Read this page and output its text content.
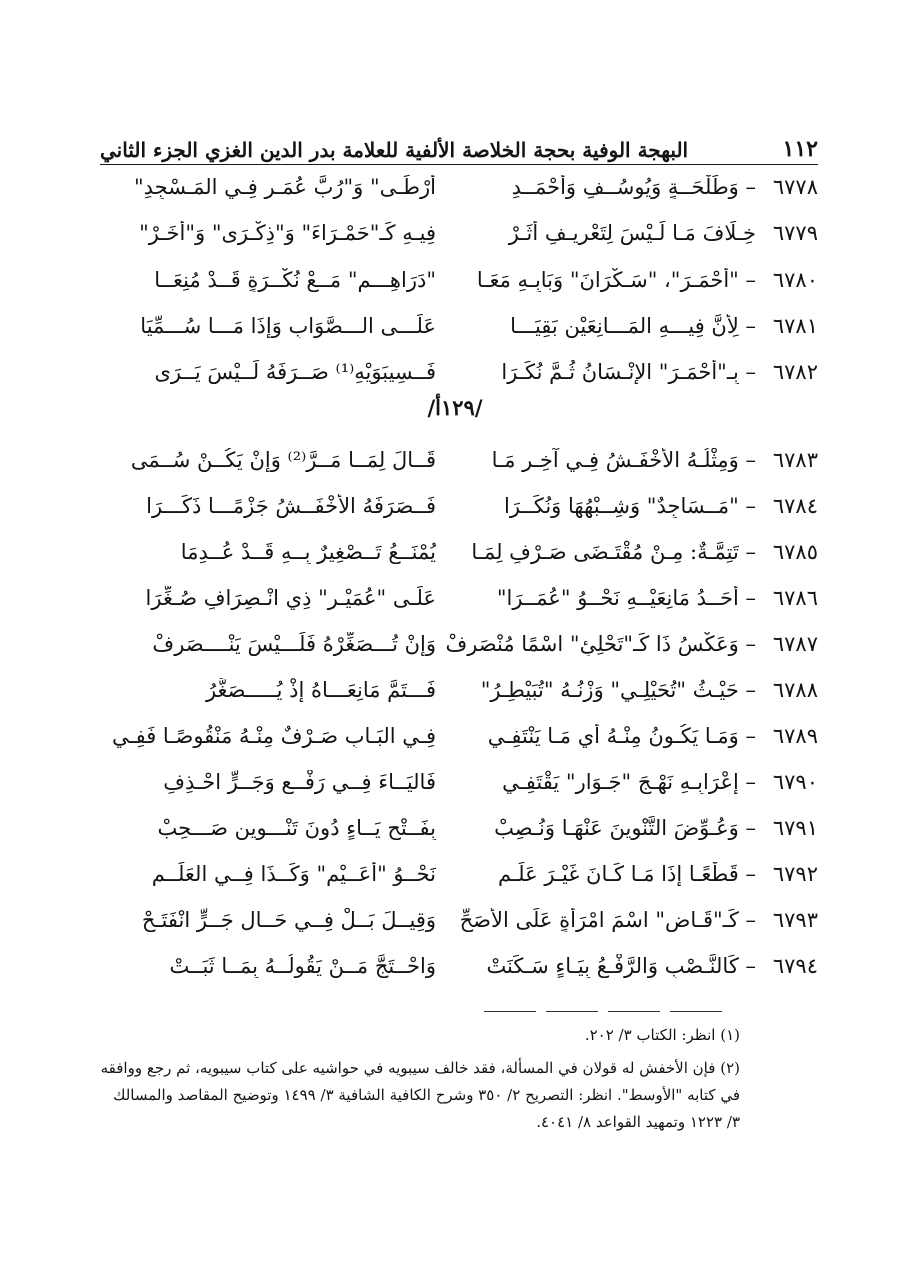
البهجة الوفية بحجة الخلاصة الألفية للعلامة بدر الدين الغزي الجزء الثاني	١١٢
٦٧٧٨
– وَطَلْحَــةٍ وَيُوسُــفٍ وَأَحْمَــدِ
أَرْطَـى" وَ"رُبَّ عُمَـرٍ فِـي المَـسْجِدِ"
٦٧٧٩
خِـلَافَ مَـا لَـيْسَ لِتَعْرِيـفٍ أَثَـرْ
فِيـهِ كَـ"حَمْـرَاءَ" وَ"ذِكْـرَى" وَ"أُخَـرْ"
٦٧٨٠
– "أَحْمَـرَ"، "سَـكْرَانَ" وَبَابِـهِ مَعَـا
"دَرَاهِـــمٍ" مَــعْ نُكْــرَةٍ قَــدْ مُنِعَــا
٦٧٨١
– لِأَنَّ فِيـــهِ المَـــانِعَيْنِ بَقِيَـــا
عَلَـــى الـــصَّوَابِ وَإِذَا مَـــا سُـــمِّيَا
٦٧٨٢
– بِـ"أَحْمَـرَ" الإِنْـسَانُ ثُـمَّ نُكِّـرَا
فَــسِيبَوَيْهِ⁽¹⁾ صَــرَفَهُ لَــيْسَ يَــرَى
/١٢٩أ/
٦٧٨٣
– وَمِثْلُـهُ الأَخْفَـشُ فِـي آخِـرِ مَـا
قَــالَ لِمَــا مَــرَّ⁽²⁾ وَإِنْ يَكُــنْ سُــمَى
٦٧٨٤
– "مَــسَاجِدٌ" وَشِــبْهُهَا وَنُكِّــرَا
فَــصَرَفَهُ الأَخْفَــشُ جَزْمًـــا ذَكَـــرَا
٦٧٨٥
– تَتِمَّـةٌ: مِـنْ مُقْتَـضَى صَـرْفٍ لِمَـا
يُمْنَــعُ تَــصْغِيرٌ بِــهِ قَــدْ عُــدِمَا
٦٧٨٦
– أَحَــدُ مَانِعَيْــهِ نَحْــوُ "عُمَــرَا"
عَلَـى "عُمَيْـرٍ" ذِي انْـصِرَافٍ صُـغِّرَا
٦٧٨٧
– وَعَكْسُ ذَا كَـ"تَحْلِئٍ" اسْمًا مُنْصَرِفْ
وَإِنْ تُـــصَغِّرْهُ فَلَـــيْسَ يَنْــــصَرِفْ
٦٧٨٨
– حَيْـثُ "تُحَيْلِـي" وَزْنُـهُ "تُبَيْطِـرُ"
فَـــتَمَّ مَانِعَـــاهُ إِذْ يُـــــصَغَّرُ
٦٧٨٩
– وَمَـا يَكُـونُ مِنْـهُ أَيِ مَـا يَنْتَفِـي
فِـي البَـابِ صَـرْفٌ مِنْـهُ مَنْقُوصًـا فَفِـي
٦٧٩٠
– إِعْرَابِـهِ نَهْـجَ "جَـوَارٍ" يَقْتَفِـي
فَاليَــاءَ فِــي رَفْــعٍ وَجَــرٍّ احْـذِفِ
٦٧٩١
– وَعُـوِّضَ التَّنْوِينَ عَنْهَـا وَنُـصِبْ
بِفَــتْحٍ يَــاءٍ دُونَ تَنْـــوِينٍ صَـــحِبْ
٦٧٩٢
– قَطْعًـا إِذَا مَـا كَـانَ غَيْـرَ عَلَـمِ
نَحْــوُ "أُعَــيْمٍ" وَكَــذَا فِــي العَلَــمِ
٦٧٩٣
– كَـ"قَـاضٍ" اسْمَ امْرَأَةٍ عَلَى الأَصَحِّ
وَقِيــلَ بَــلْ فِــي حَــالِ جَــرٍّ انْفَتَـحْ
٦٧٩٤
– كَالنَّـصْبِ وَالرَّفْـعُ بِيَـاءٍ سَـكَنَتْ
وَاحْــتَجَّ مَــنْ يَقُولُــهُ بِمَــا ثَبَــتْ

(١) انظر: الكتاب ٣/ ٢٠٢.

(٢) فإن الأخفش له قولان في المسألة، فقد خالف سيبويه في حواشيه على كتاب سيبويه، ثم رجع ووافقه في كتابه "الأوسط". انظر: التصريح ٢/ ٣٥٠ وشرح الكافية الشافية ٣/ ١٤٩٩ وتوضيح المقاصد والمسالك ٣/ ١٢٢٣ وتمهيد القواعد ٨/ ٤٠٤١.
